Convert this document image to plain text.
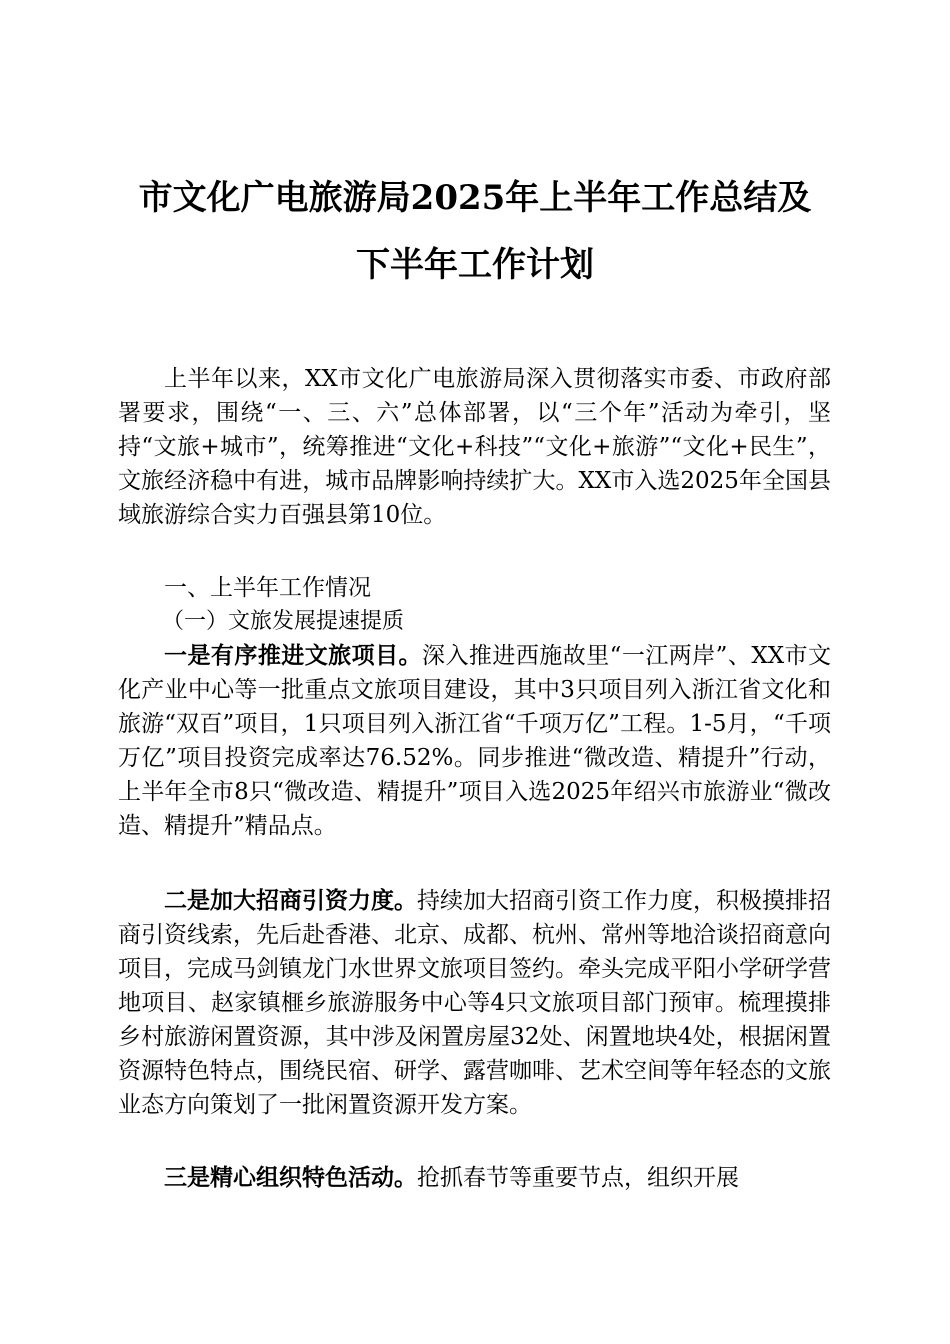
市文化广电旅游局2025年上半年工作总结及
下半年工作计划

上半年以来，XX市文化广电旅游局深入贯彻落实市委、市政府部署要求，围绕“一、三、六”总体部署，以“三个年”活动为牵引，坚持“文旅+城市”，统筹推进“文化+科技”“文化+旅游”“文化+民生”，文旅经济稳中有进，城市品牌影响持续扩大。XX市入选2025年全国县域旅游综合实力百强县第10位。

一、上半年工作情况

（一）文旅发展提速提质

一是有序推进文旅项目。深入推进西施故里“一江两岸”、XX市文化产业中心等一批重点文旅项目建设，其中3只项目列入浙江省文化和旅游“双百”项目，1只项目列入浙江省“千项万亿”工程。1-5月，“千项万亿”项目投资完成率达76.52%。同步推进“微改造、精提升”行动，上半年全市8只“微改造、精提升”项目入选2025年绍兴市旅游业“微改造、精提升”精品点。

二是加大招商引资力度。持续加大招商引资工作力度，积极摸排招商引资线索，先后赴香港、北京、成都、杭州、常州等地洽谈招商意向项目，完成马剑镇龙门水世界文旅项目签约。牵头完成平阳小学研学营地项目、赵家镇榧乡旅游服务中心等4只文旅项目部门预审。梳理摸排乡村旅游闲置资源，其中涉及闲置房屋32处、闲置地块4处，根据闲置资源特色特点，围绕民宿、研学、露营咖啡、艺术空间等年轻态的文旅业态方向策划了一批闲置资源开发方案。

三是精心组织特色活动。抢抓春节等重要节点，组织开展
